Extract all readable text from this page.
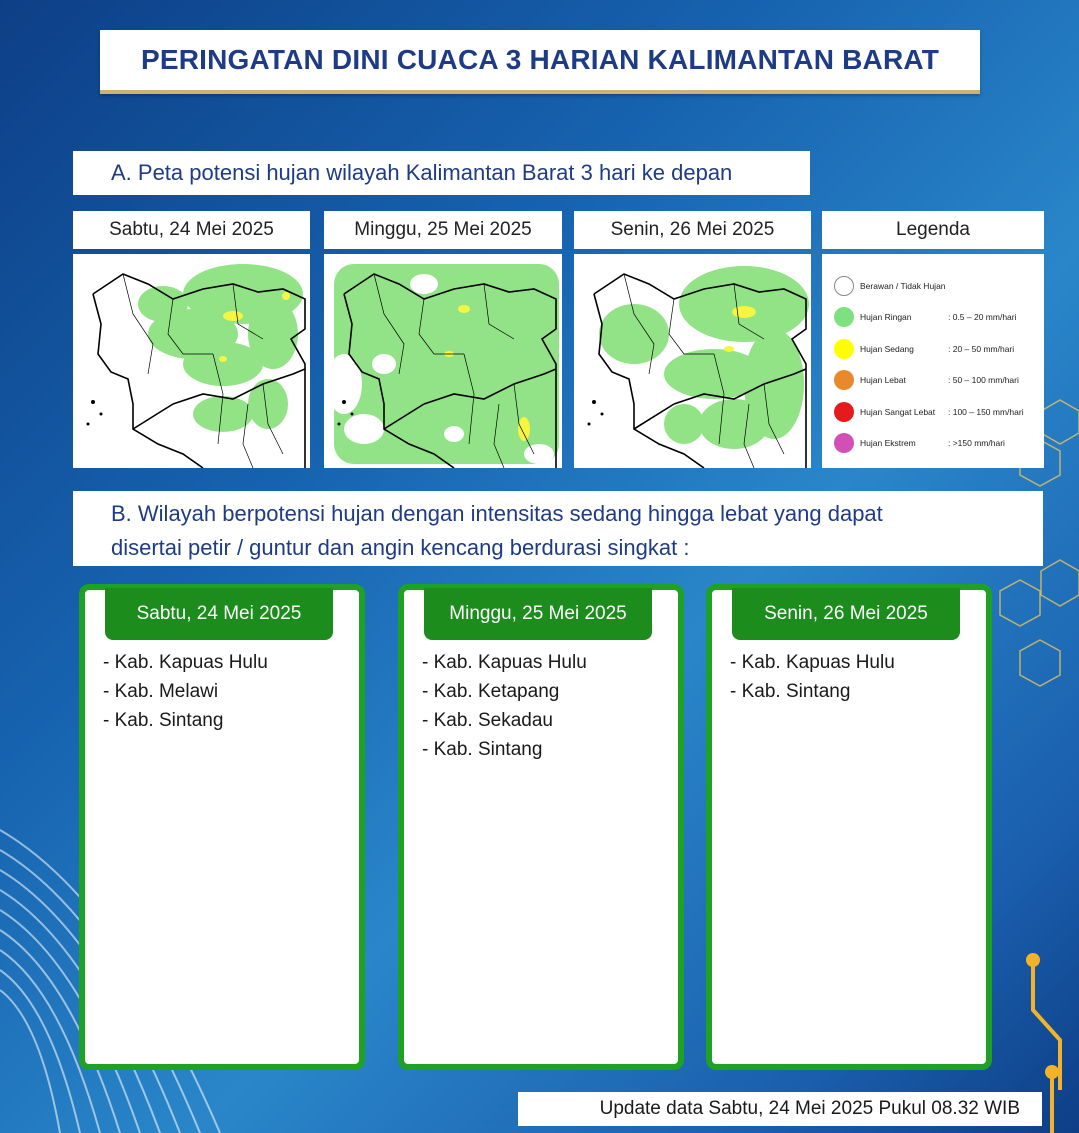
PERINGATAN DINI CUACA 3 HARIAN KALIMANTAN BARAT
A. Peta potensi hujan wilayah Kalimantan Barat 3 hari ke depan
Sabtu, 24 Mei 2025	Minggu, 25 Mei 2025	Senin, 26 Mei 2025	Legenda
Berawan / Tidak Hujan
Hujan Ringan	: 0.5 – 20 mm/hari
Hujan Sedang	: 20 – 50 mm/hari
Hujan Lebat	: 50 – 100 mm/hari
Hujan Sangat Lebat	: 100 – 150 mm/hari
Hujan Ekstrem	: >150 mm/hari
B. Wilayah berpotensi hujan dengan intensitas sedang hingga lebat yang dapat
disertai petir / guntur dan angin kencang berdurasi singkat :
Sabtu, 24 Mei 2025
- Kab. Kapuas Hulu
- Kab. Melawi
- Kab. Sintang
Minggu, 25 Mei 2025
- Kab. Kapuas Hulu
- Kab. Ketapang
- Kab. Sekadau
- Kab. Sintang
Senin, 26 Mei 2025
- Kab. Kapuas Hulu
- Kab. Sintang
Update data Sabtu, 24 Mei 2025 Pukul 08.32 WIB
